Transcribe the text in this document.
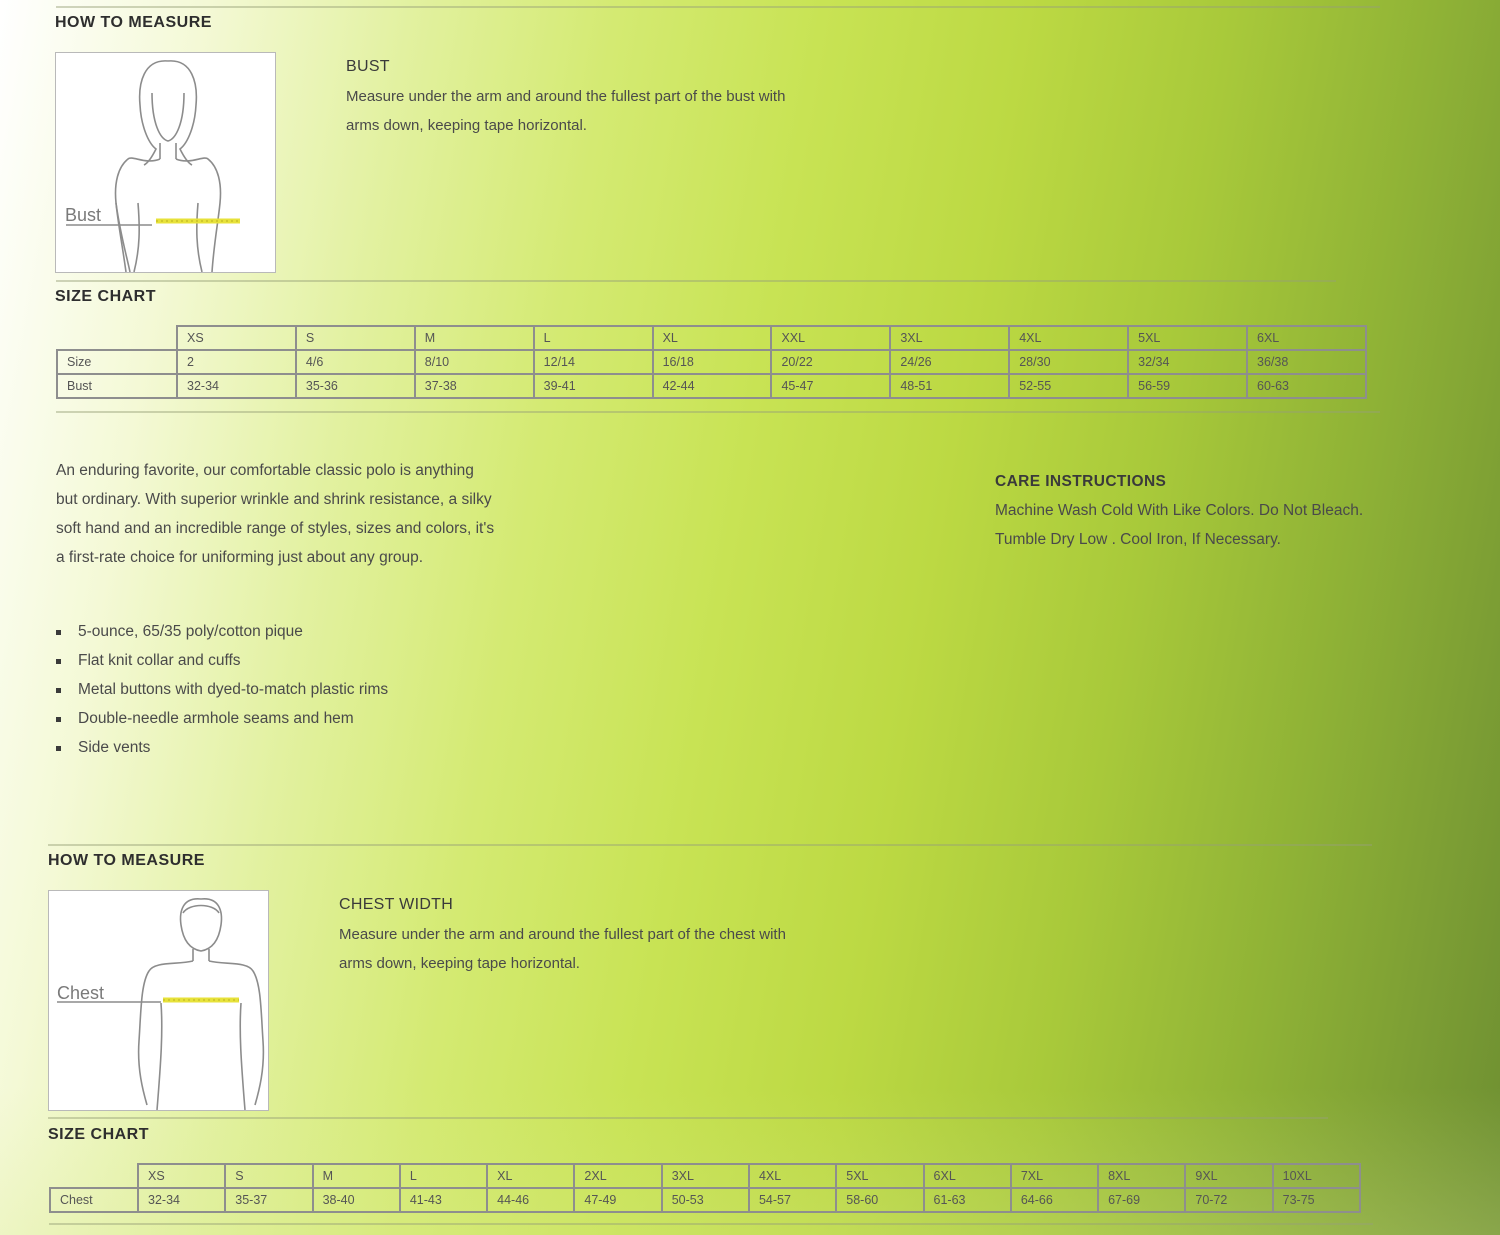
HOW TO MEASURE
Bust
BUST
Measure under the arm and around the fullest part of the bust with arms down, keeping tape horizontal.
SIZE CHART
	XS	S	M	L	XL	XXL	3XL	4XL	5XL	6XL
Size	2	4/6	8/10	12/14	16/18	20/22	24/26	28/30	32/34	36/38
Bust	32-34	35-36	37-38	39-41	42-44	45-47	48-51	52-55	56-59	60-63
An enduring favorite, our comfortable classic polo is anything but ordinary. With superior wrinkle and shrink resistance, a silky soft hand and an incredible range of styles, sizes and colors, it's a first-rate choice for uniforming just about any group.
5-ounce, 65/35 poly/cotton pique
Flat knit collar and cuffs
Metal buttons with dyed-to-match plastic rims
Double-needle armhole seams and hem
Side vents
CARE INSTRUCTIONS
Machine Wash Cold With Like Colors. Do Not Bleach.
Tumble Dry Low . Cool Iron, If Necessary.
HOW TO MEASURE
Chest
CHEST WIDTH
Measure under the arm and around the fullest part of the chest with arms down, keeping tape horizontal.
SIZE CHART
	XS	S	M	L	XL	2XL	3XL	4XL	5XL	6XL	7XL	8XL	9XL	10XL
Chest	32-34	35-37	38-40	41-43	44-46	47-49	50-53	54-57	58-60	61-63	64-66	67-69	70-72	73-75
